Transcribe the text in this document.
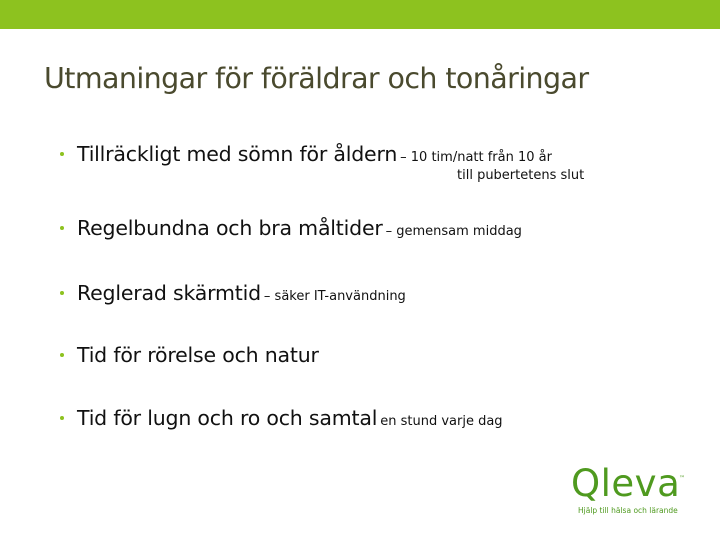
Utmaningar för föräldrar och tonåringar
Tillräckligt med sömn för åldern – 10 tim/natt från 10 år
till pubertetens slut
Regelbundna och bra måltider – gemensam middag
Reglerad skärmtid – säker IT-användning
Tid för rörelse och natur
Tid för lugn och ro och samtal en stund varje dag
Qleva
™
Hjälp till hälsa och lärande
